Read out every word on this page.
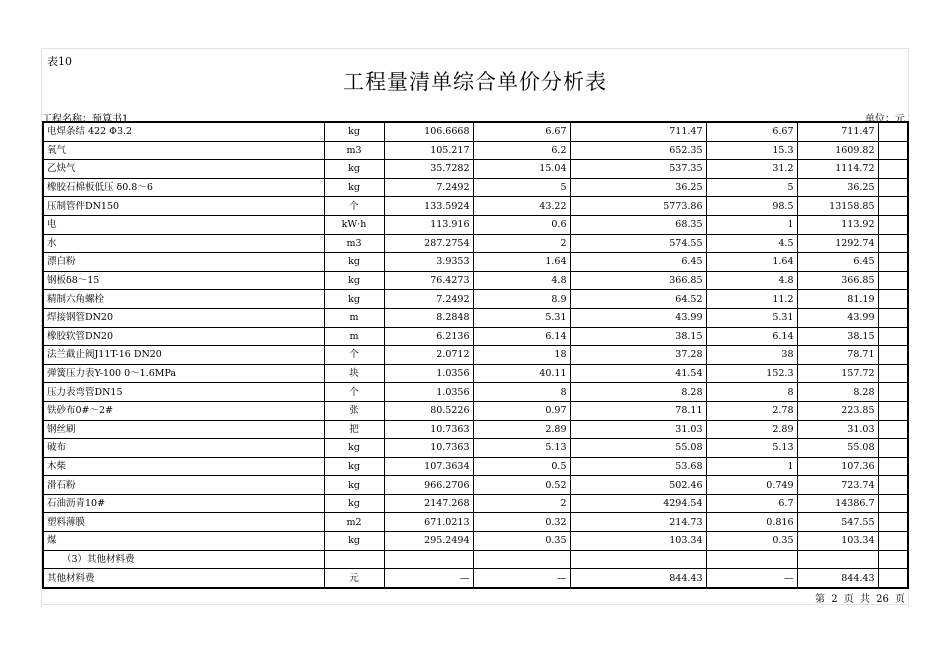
表10
工程量清单综合单价分析表
工程名称：预算书1	单位：元
电焊条结 422 Φ3.2	kg	106.6668	6.67	711.47	6.67	711.47	
氧气	m3	105.217	6.2	652.35	15.3	1609.82	
乙炔气	kg	35.7282	15.04	537.35	31.2	1114.72	
橡胶石棉板低压 δ0.8～6	kg	7.2492	5	36.25	5	36.25	
压制管件DN150	个	133.5924	43.22	5773.86	98.5	13158.85	
电	kW·h	113.916	0.6	68.35	1	113.92	
水	m3	287.2754	2	574.55	4.5	1292.74	
漂白粉	kg	3.9353	1.64	6.45	1.64	6.45	
钢板δ8～15	kg	76.4273	4.8	366.85	4.8	366.85	
精制六角螺栓	kg	7.2492	8.9	64.52	11.2	81.19	
焊接钢管DN20	m	8.2848	5.31	43.99	5.31	43.99	
橡胶软管DN20	m	6.2136	6.14	38.15	6.14	38.15	
法兰截止阀J11T-16 DN20	个	2.0712	18	37.28	38	78.71	
弹簧压力表Y-100 0～1.6MPa	块	1.0356	40.11	41.54	152.3	157.72	
压力表弯管DN15	个	1.0356	8	8.28	8	8.28	
铁砂布0#～2#	张	80.5226	0.97	78.11	2.78	223.85	
钢丝刷	把	10.7363	2.89	31.03	2.89	31.03	
破布	kg	10.7363	5.13	55.08	5.13	55.08	
木柴	kg	107.3634	0.5	53.68	1	107.36	
滑石粉	kg	966.2706	0.52	502.46	0.749	723.74	
石油沥青10#	kg	2147.268	2	4294.54	6.7	14386.7	
塑料薄膜	m2	671.0213	0.32	214.73	0.816	547.55	
煤	kg	295.2494	0.35	103.34	0.35	103.34	
（3）其他材料费							
其他材料费	元	—	—	844.43	—	844.43	
第 2 页 共 26 页
